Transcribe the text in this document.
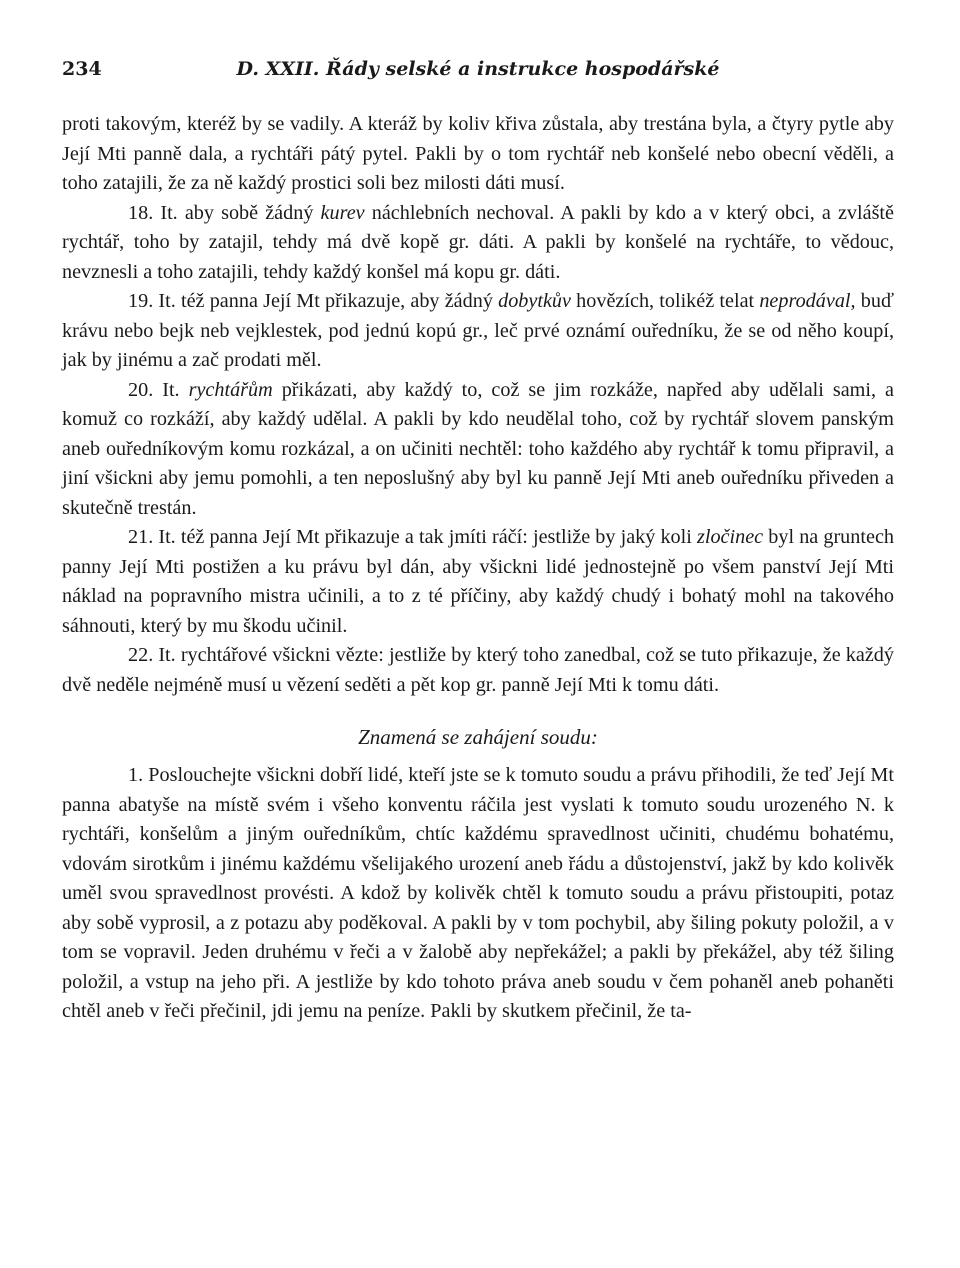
234	D. XXII. Řády selské a instrukce hospodářské

proti takovým, kteréž by se vadily. A kteráž by koliv křiva zůstala, aby trestána byla, a čtyry pytle aby Její Mti panně dala, a rychtáři pátý pytel. Pakli by o tom rychtář neb konšelé nebo obecní věděli, a toho zatajili, že za ně každý prostici soli bez milosti dáti musí.

18. It. aby sobě žádný kurev náchlebních nechoval. A pakli by kdo a v který obci, a zvláště rychtář, toho by zatajil, tehdy má dvě kopě gr. dáti. A pakli by konšelé na rychtáře, to vědouc, nevznesli a toho zatajili, tehdy každý konšel má kopu gr. dáti.

19. It. též panna Její Mt přikazuje, aby žádný dobytkův hovězích, tolikéž telat neprodával, buď krávu nebo bejk neb vejklestek, pod jednú kopú gr., leč prvé oznámí ouředníku, že se od něho koupí, jak by jinému a zač prodati měl.

20. It. rychtářům přikázati, aby každý to, což se jim rozkáže, napřed aby udělali sami, a komuž co rozkáží, aby každý udělal. A pakli by kdo neudělal toho, což by rychtář slovem panským aneb ouředníkovým komu rozkázal, a on učiniti nechtěl: toho každého aby rychtář k tomu připravil, a jiní všickni aby jemu pomohli, a ten neposlušný aby byl ku panně Její Mti aneb ouředníku přiveden a skutečně trestán.

21. It. též panna Její Mt přikazuje a tak jmíti ráčí: jestliže by jaký koli zločinec byl na gruntech panny Její Mti postižen a ku právu byl dán, aby všickni lidé jednostejně po všem panství Její Mti náklad na popravního mistra učinili, a to z té příčiny, aby každý chudý i bohatý mohl na takového sáhnouti, který by mu škodu učinil.

22. It. rychtářové všickni vězte: jestliže by který toho zanedbal, což se tuto přikazuje, že každý dvě neděle nejméně musí u vězení seděti a pět kop gr. panně Její Mti k tomu dáti.

Znamená se zahájení soudu:

1. Poslouchejte všickni dobří lidé, kteří jste se k tomuto soudu a právu přihodili, že teď Její Mt panna abatyše na místě svém i všeho konventu ráčila jest vyslati k tomuto soudu urozeného N. k rychtáři, konšelům a jiným ouředníkům, chtíc každému spravedlnost učiniti, chudému bohatému, vdovám sirotkům i jinému každému všelijakého urození aneb řádu a důstojenství, jakž by kdo kolivěk uměl svou spravedlnost provésti. A kdož by kolivěk chtěl k tomuto soudu a právu přistoupiti, potaz aby sobě vyprosil, a z potazu aby poděkoval. A pakli by v tom pochybil, aby šiling pokuty položil, a v tom se vopravil. Jeden druhému v řeči a v žalobě aby nepřekážel; a pakli by překážel, aby též šiling položil, a vstup na jeho při. A jestliže by kdo tohoto práva aneb soudu v čem pohaněl aneb pohaněti chtěl aneb v řeči přečinil, jdi jemu na peníze. Pakli by skutkem přečinil, že ta-
